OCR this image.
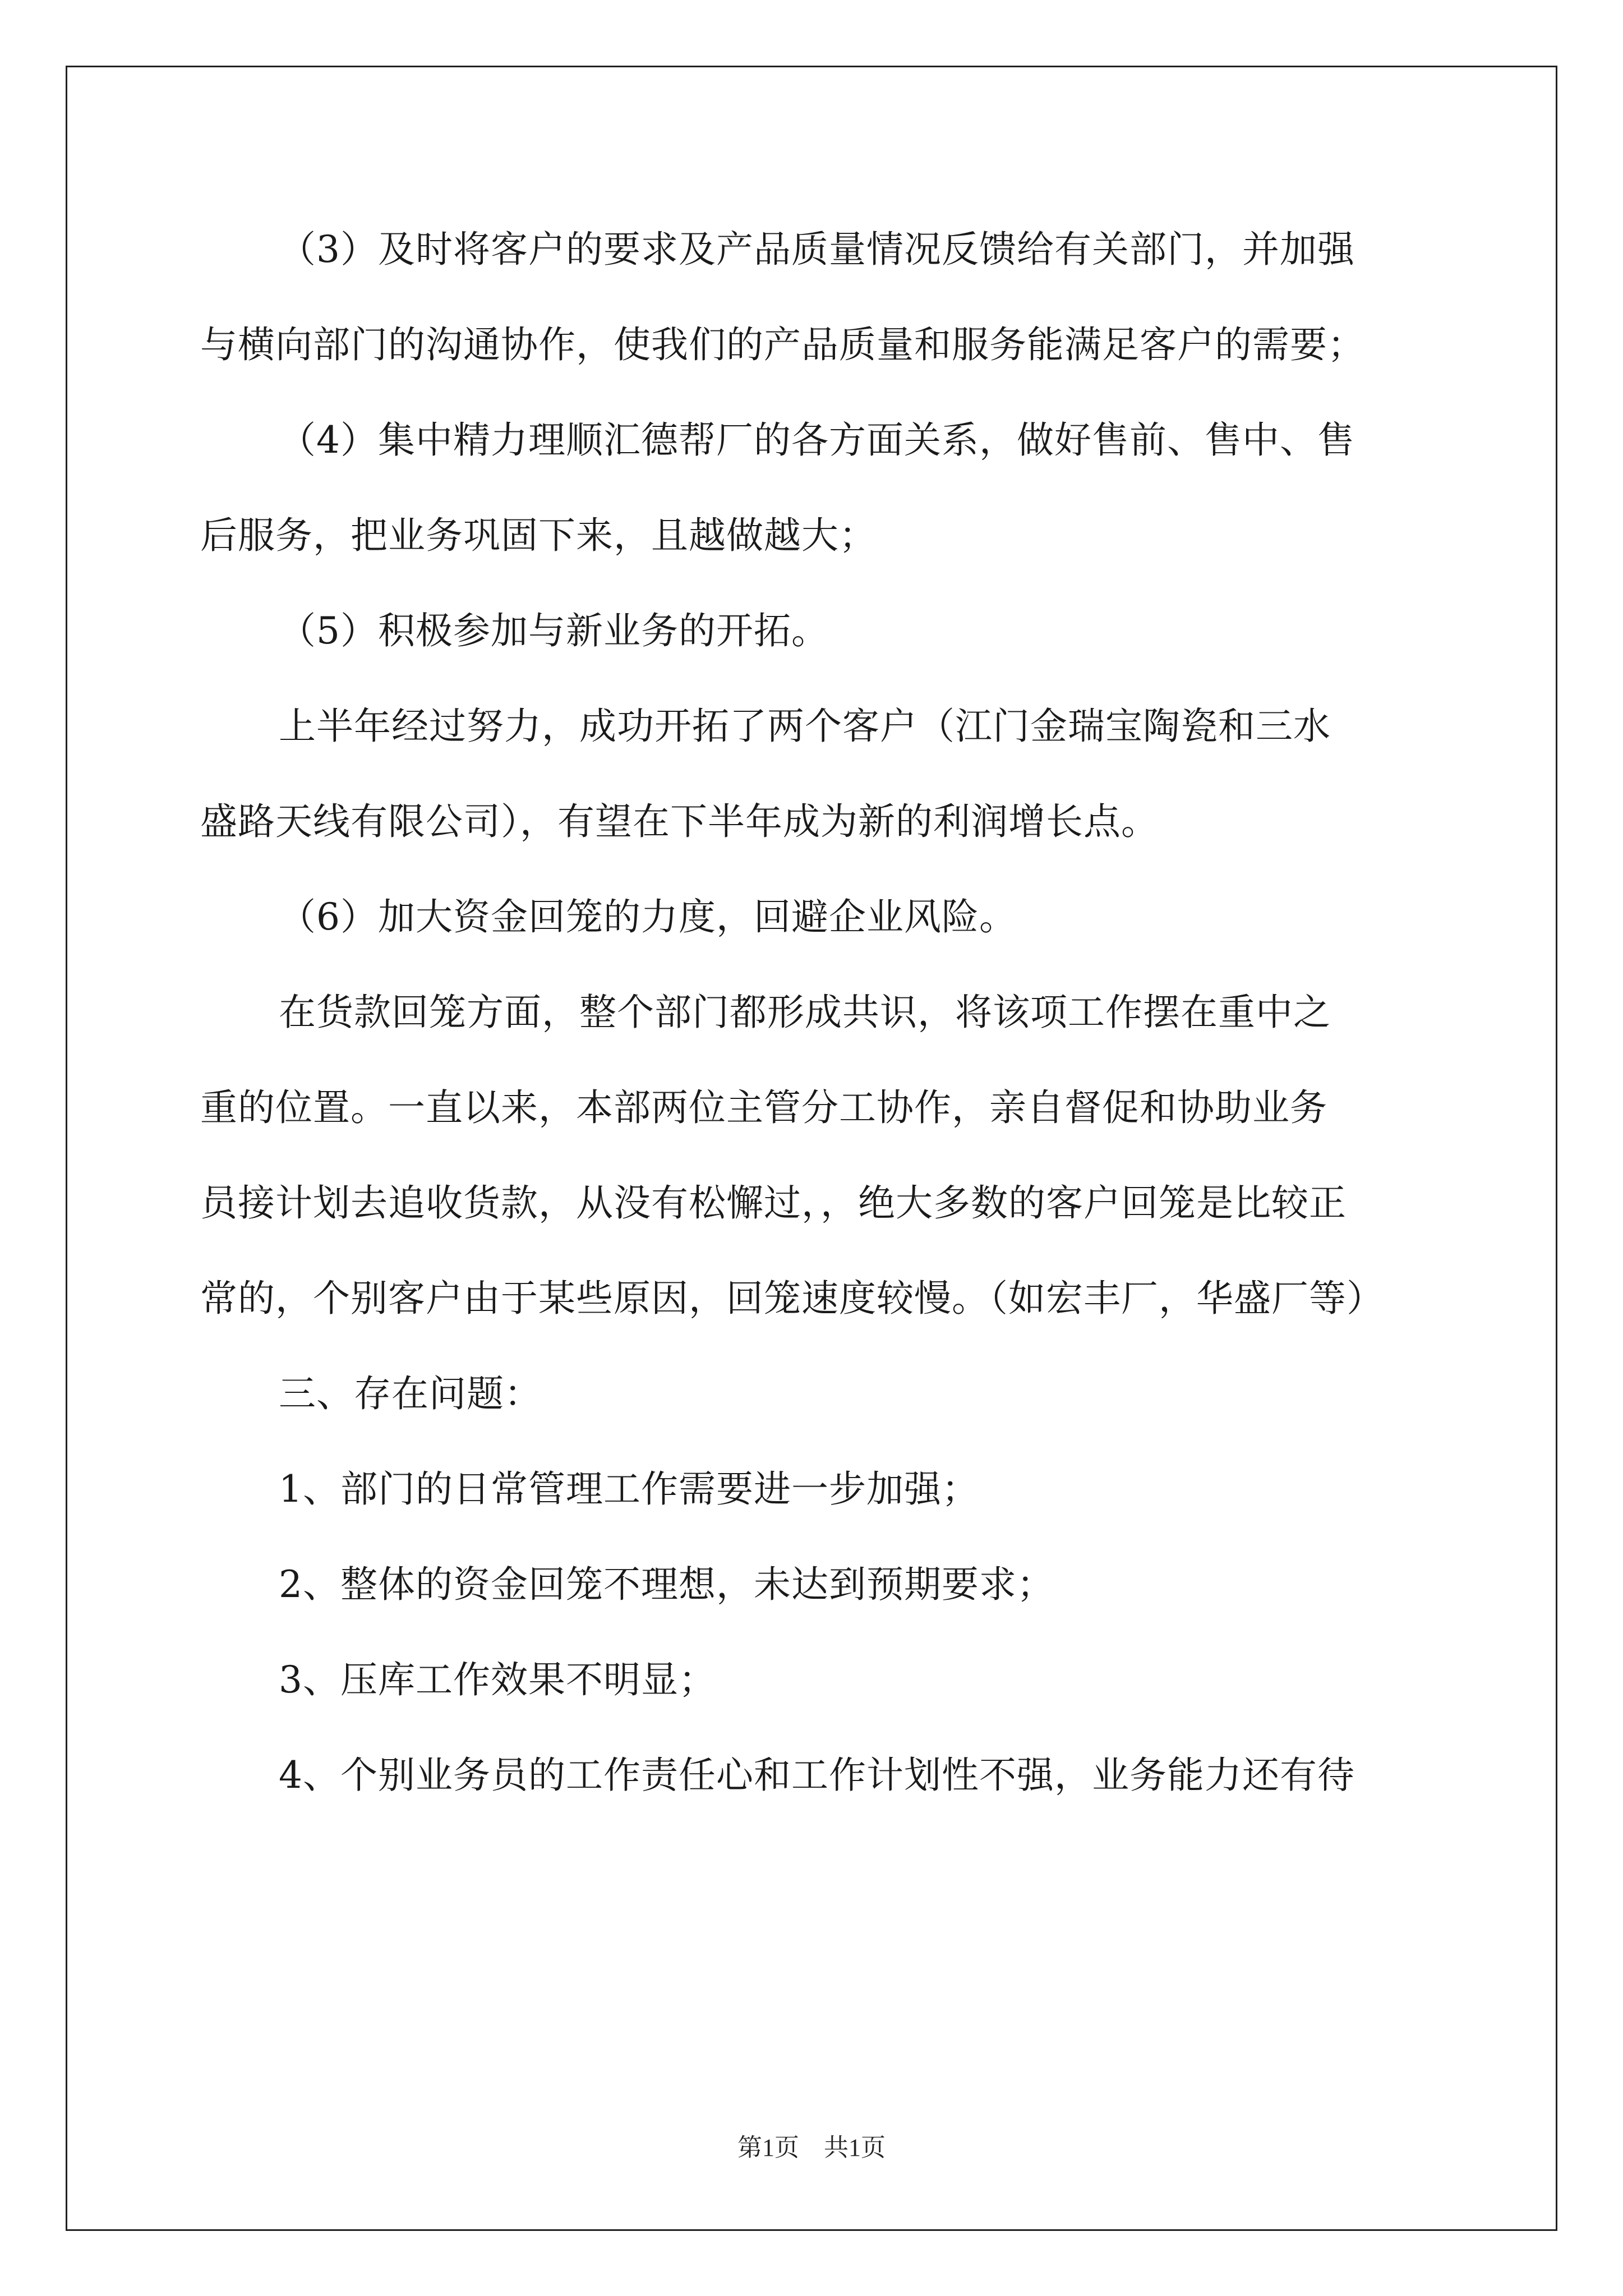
（3）及时将客户的要求及产品质量情况反馈给有关部门，并加强
与横向部门的沟通协作，使我们的产品质量和服务能满足客户的需要；
（4）集中精力理顺汇德帮厂的各方面关系，做好售前、售中、售
后服务，把业务巩固下来，且越做越大；
（5）积极参加与新业务的开拓。
上半年经过努力，成功开拓了两个客户（江门金瑞宝陶瓷和三水
盛路天线有限公司），有望在下半年成为新的利润增长点。
（6）加大资金回笼的力度，回避企业风险。
在货款回笼方面，整个部门都形成共识，将该项工作摆在重中之
重的位置。一直以来，本部两位主管分工协作，亲自督促和协助业务
员接计划去追收货款，从没有松懈过，，绝大多数的客户回笼是比较正
常的，个别客户由于某些原因，回笼速度较慢。（如宏丰厂，华盛厂等）
三、存在问题：
1、部门的日常管理工作需要进一步加强；
2、整体的资金回笼不理想，未达到预期要求；
3、压库工作效果不明显；
4、个别业务员的工作责任心和工作计划性不强，业务能力还有待
第1页 共1页
